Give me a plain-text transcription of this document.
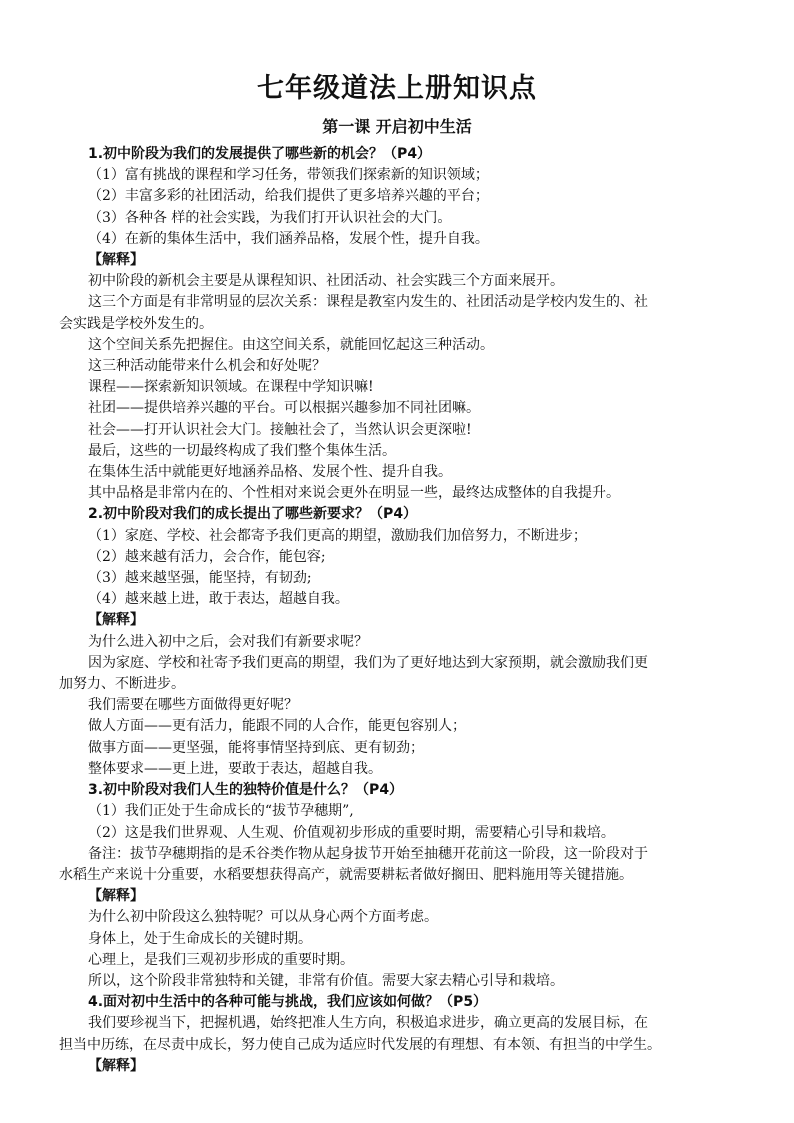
七年级道法上册知识点
第一课 开启初中生活
1.初中阶段为我们的发展提供了哪些新的机会？（P4）
（1）富有挑战的课程和学习任务，带领我们探索新的知识领域；
（2）丰富多彩的社团活动，给我们提供了更多培养兴趣的平台；
（3）各种各 样的社会实践，为我们打开认识社会的大门。
（4）在新的集体生活中，我们涵养品格，发展个性，提升自我。
【解释】
初中阶段的新机会主要是从课程知识、社团活动、社会实践三个方面来展开。
这三个方面是有非常明显的层次关系：课程是教室内发生的、社团活动是学校内发生的、社
会实践是学校外发生的。
这个空间关系先把握住。由这空间关系，就能回忆起这三种活动。
这三种活动能带来什么机会和好处呢？
课程——探索新知识领域。在课程中学知识嘛!
社团——提供培养兴趣的平台。可以根据兴趣参加不同社团嘛。
社会——打开认识社会大门。接触社会了，当然认识会更深啦!
最后，这些的一切最终构成了我们整个集体生活。
在集体生活中就能更好地涵养品格、发展个性、提升自我。
其中品格是非常内在的、个性相对来说会更外在明显一些，最终达成整体的自我提升。
2.初中阶段对我们的成长提出了哪些新要求？（P4）
（1）家庭、学校、社会都寄予我们更高的期望，激励我们加倍努力，不断进步；
（2）越来越有活力，会合作，能包容;
（3）越来越坚强，能坚持，有韧劲;
（4）越来越上进，敢于表达，超越自我。
【解释】
为什么进入初中之后，会对我们有新要求呢？
因为家庭、学校和社寄予我们更高的期望，我们为了更好地达到大家预期，就会激励我们更
加努力、不断进步。
我们需要在哪些方面做得更好呢？
做人方面——更有活力，能跟不同的人合作，能更包容别人；
做事方面——更坚强，能将事情坚持到底、更有韧劲；
整体要求——更上进，要敢于表达，超越自我。
3.初中阶段对我们人生的独特价值是什么？（P4）
（1）我们正处于生命成长的“拔节孕穗期”,
（2）这是我们世界观、人生观、价值观初步形成的重要时期，需要精心引导和栽培。
备注：拔节孕穗期指的是禾谷类作物从起身拔节开始至抽穗开花前这一阶段，这一阶段对于
水稻生产来说十分重要，水稻要想获得高产，就需要耕耘者做好搁田、肥料施用等关键措施。
【解释】
为什么初中阶段这么独特呢？可以从身心两个方面考虑。
身体上，处于生命成长的关键时期。
心理上，是我们三观初步形成的重要时期。
所以，这个阶段非常独特和关键，非常有价值。需要大家去精心引导和栽培。
4.面对初中生活中的各种可能与挑战，我们应该如何做？（P5）
我们要珍视当下，把握机遇，始终把准人生方向，积极追求进步，确立更高的发展目标，在
担当中历练，在尽责中成长，努力使自己成为适应时代发展的有理想、有本领、有担当的中学生。
【解释】
